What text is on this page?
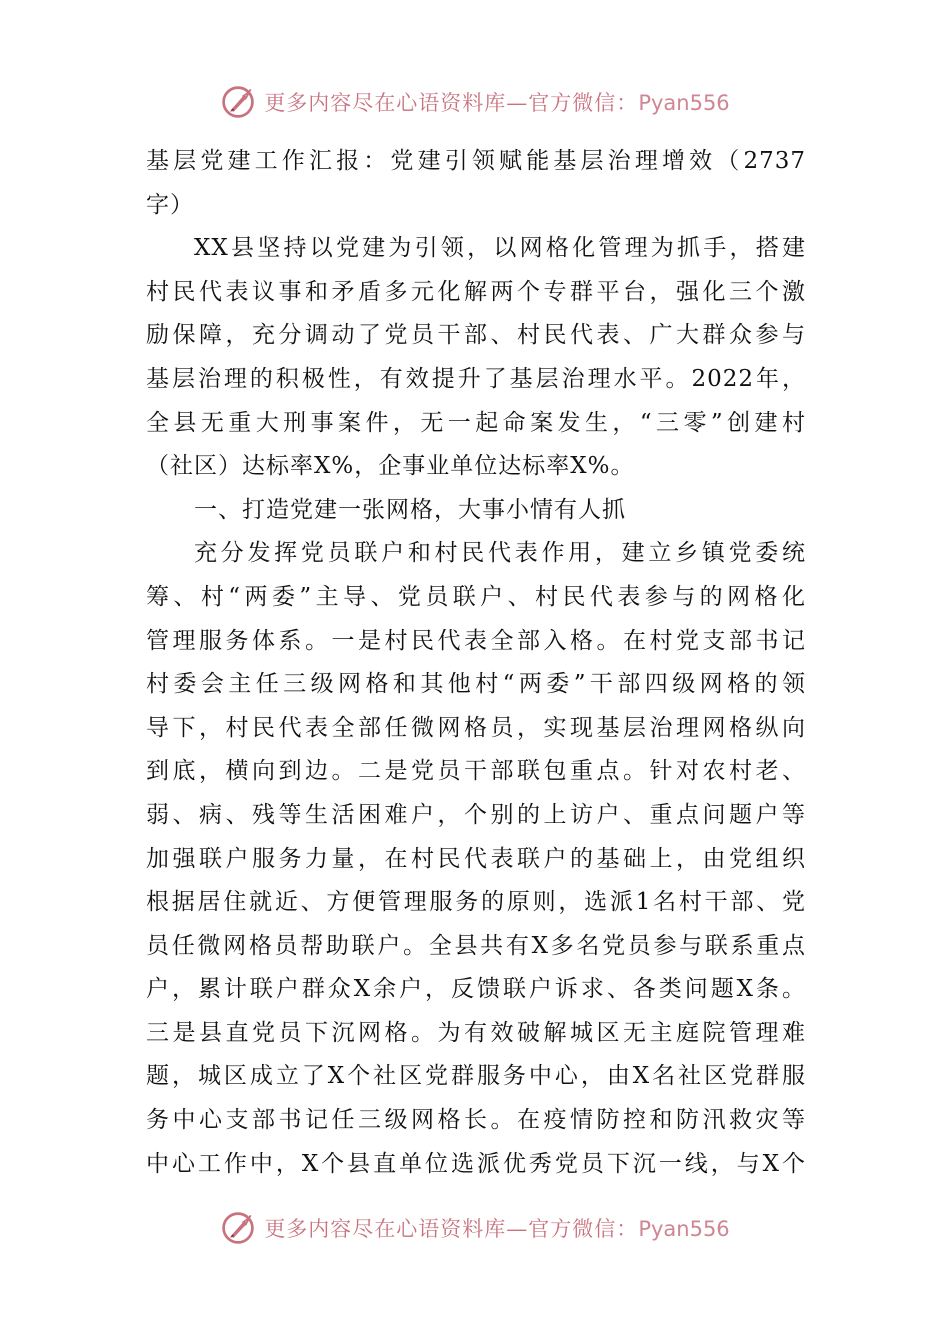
更多内容尽在心语资料库—官方微信：Pyan556
基层党建工作汇报：党建引领赋能基层治理增效（2737
字）
XX县坚持以党建为引领，以网格化管理为抓手，搭建
村民代表议事和矛盾多元化解两个专群平台，强化三个激
励保障，充分调动了党员干部、村民代表、广大群众参与
基层治理的积极性，有效提升了基层治理水平。2022年，
全县无重大刑事案件，无一起命案发生，“三零”创建村
（社区）达标率X%，企事业单位达标率X%。
一、打造党建一张网格，大事小情有人抓
充分发挥党员联户和村民代表作用，建立乡镇党委统
筹、村“两委”主导、党员联户、村民代表参与的网格化
管理服务体系。一是村民代表全部入格。在村党支部书记
村委会主任三级网格和其他村“两委”干部四级网格的领
导下，村民代表全部任微网格员，实现基层治理网格纵向
到底，横向到边。二是党员干部联包重点。针对农村老、
弱、病、残等生活困难户，个别的上访户、重点问题户等
加强联户服务力量，在村民代表联户的基础上，由党组织
根据居住就近、方便管理服务的原则，选派1名村干部、党
员任微网格员帮助联户。全县共有X多名党员参与联系重点
户，累计联户群众X余户，反馈联户诉求、各类问题X条。
三是县直党员下沉网格。为有效破解城区无主庭院管理难
题，城区成立了X个社区党群服务中心，由X名社区党群服
务中心支部书记任三级网格长。在疫情防控和防汛救灾等
中心工作中，X个县直单位选派优秀党员下沉一线，与X个
更多内容尽在心语资料库—官方微信：Pyan556
